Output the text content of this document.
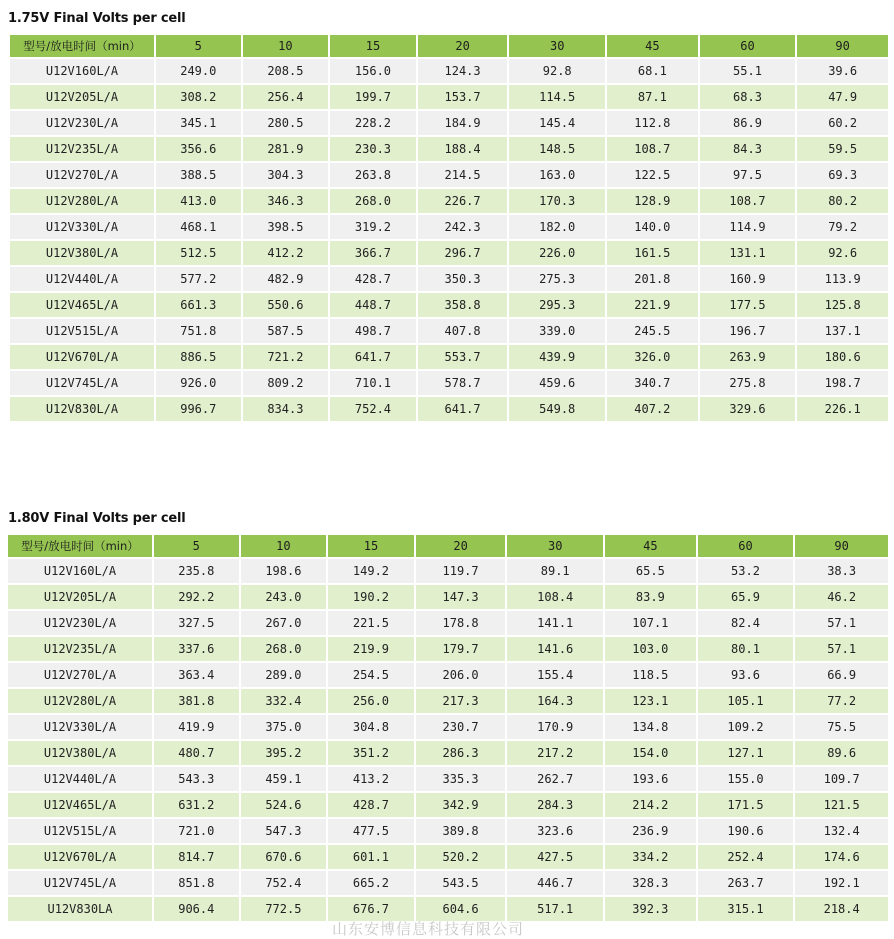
1.75V Final Volts per cell
型号/放电时间（min）	5	10	15	20	30	45	60	90
U12V160L/A	249.0	208.5	156.0	124.3	92.8	68.1	55.1	39.6
U12V205L/A	308.2	256.4	199.7	153.7	114.5	87.1	68.3	47.9
U12V230L/A	345.1	280.5	228.2	184.9	145.4	112.8	86.9	60.2
U12V235L/A	356.6	281.9	230.3	188.4	148.5	108.7	84.3	59.5
U12V270L/A	388.5	304.3	263.8	214.5	163.0	122.5	97.5	69.3
U12V280L/A	413.0	346.3	268.0	226.7	170.3	128.9	108.7	80.2
U12V330L/A	468.1	398.5	319.2	242.3	182.0	140.0	114.9	79.2
U12V380L/A	512.5	412.2	366.7	296.7	226.0	161.5	131.1	92.6
U12V440L/A	577.2	482.9	428.7	350.3	275.3	201.8	160.9	113.9
U12V465L/A	661.3	550.6	448.7	358.8	295.3	221.9	177.5	125.8
U12V515L/A	751.8	587.5	498.7	407.8	339.0	245.5	196.7	137.1
U12V670L/A	886.5	721.2	641.7	553.7	439.9	326.0	263.9	180.6
U12V745L/A	926.0	809.2	710.1	578.7	459.6	340.7	275.8	198.7
U12V830L/A	996.7	834.3	752.4	641.7	549.8	407.2	329.6	226.1
1.80V Final Volts per cell
型号/放电时间（min）	5	10	15	20	30	45	60	90
U12V160L/A	235.8	198.6	149.2	119.7	89.1	65.5	53.2	38.3
U12V205L/A	292.2	243.0	190.2	147.3	108.4	83.9	65.9	46.2
U12V230L/A	327.5	267.0	221.5	178.8	141.1	107.1	82.4	57.1
U12V235L/A	337.6	268.0	219.9	179.7	141.6	103.0	80.1	57.1
U12V270L/A	363.4	289.0	254.5	206.0	155.4	118.5	93.6	66.9
U12V280L/A	381.8	332.4	256.0	217.3	164.3	123.1	105.1	77.2
U12V330L/A	419.9	375.0	304.8	230.7	170.9	134.8	109.2	75.5
U12V380L/A	480.7	395.2	351.2	286.3	217.2	154.0	127.1	89.6
U12V440L/A	543.3	459.1	413.2	335.3	262.7	193.6	155.0	109.7
U12V465L/A	631.2	524.6	428.7	342.9	284.3	214.2	171.5	121.5
U12V515L/A	721.0	547.3	477.5	389.8	323.6	236.9	190.6	132.4
U12V670L/A	814.7	670.6	601.1	520.2	427.5	334.2	252.4	174.6
U12V745L/A	851.8	752.4	665.2	543.5	446.7	328.3	263.7	192.1
U12V830LA	906.4	772.5	676.7	604.6	517.1	392.3	315.1	218.4
山东安博信息科技有限公司
